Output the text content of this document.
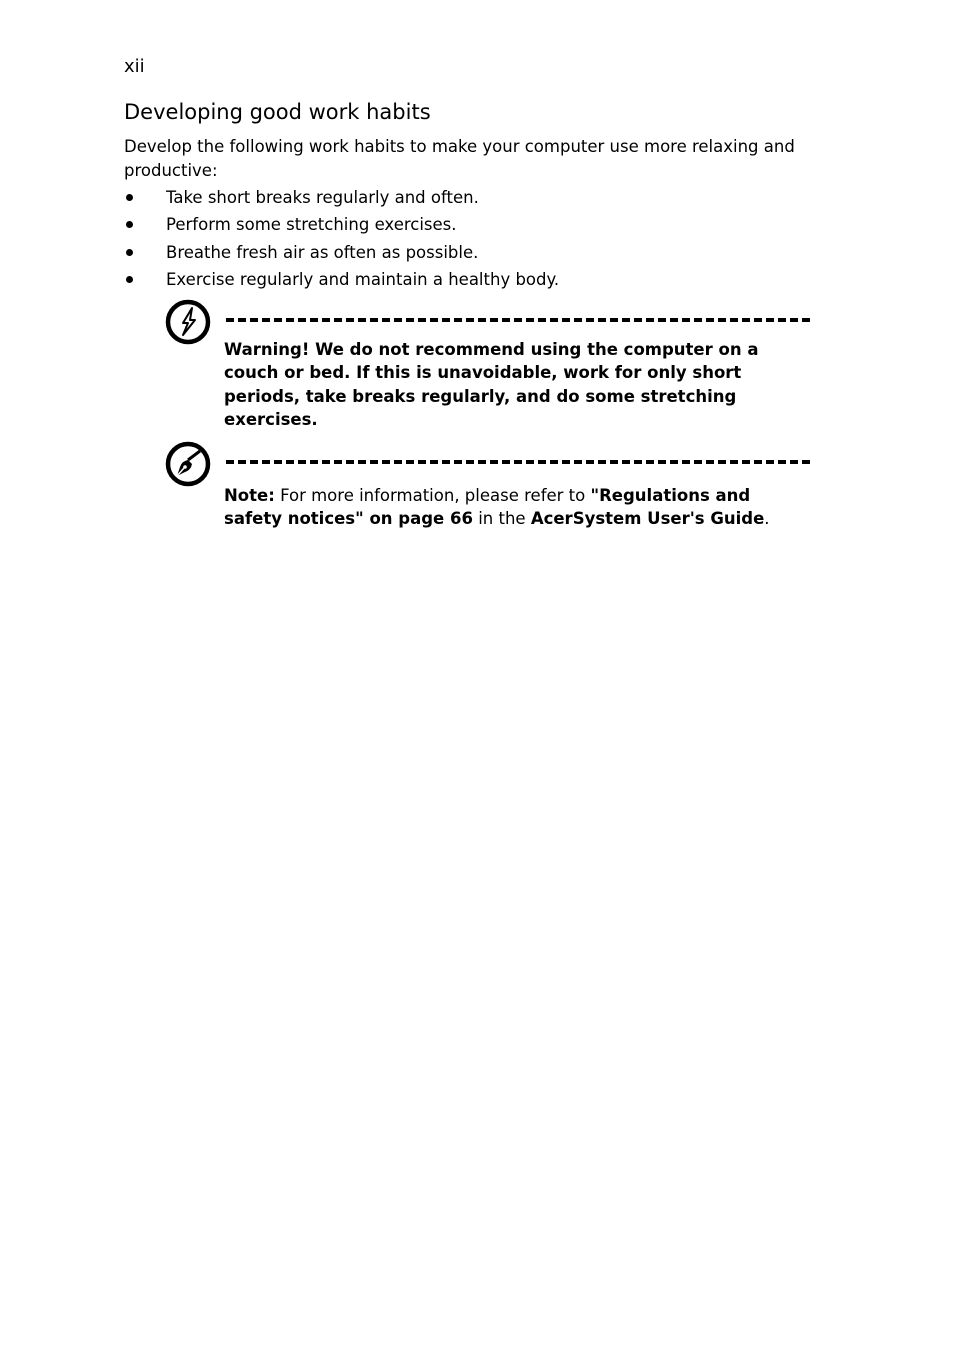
xii
Developing good work habits

Develop the following work habits to make your computer use more relaxing and productive:

Take short breaks regularly and often.
Perform some stretching exercises.
Breathe fresh air as often as possible.
Exercise regularly and maintain a healthy body.

Warning! We do not recommend using the computer on a couch or bed. If this is unavoidable, work for only short periods, take breaks regularly, and do some stretching exercises.

Note: For more information, please refer to "Regulations and safety notices" on page 66 in the AcerSystem User's Guide.
